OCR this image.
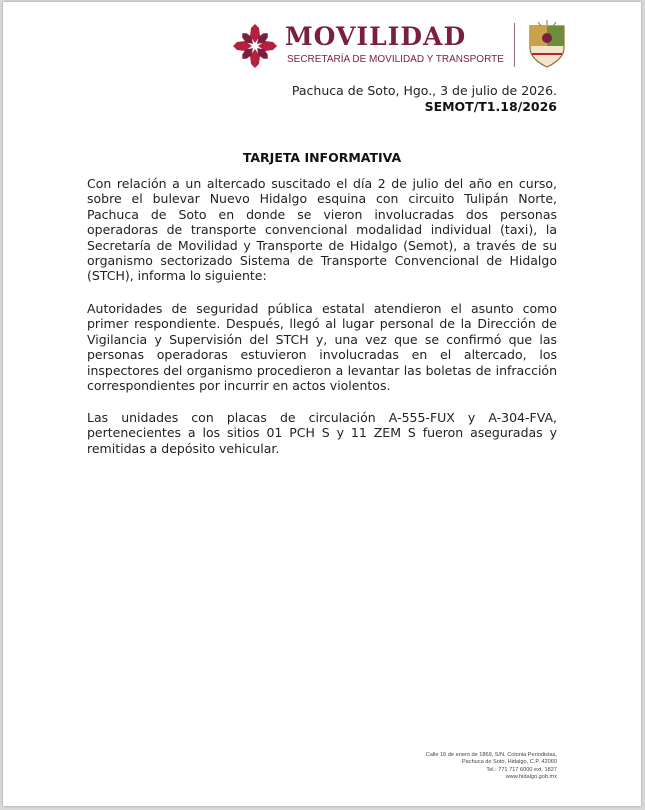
MOVILIDAD
SECRETARÍA DE MOVILIDAD Y TRANSPORTE
Pachuca de Soto, Hgo., 3 de julio de 2026.
SEMOT/T1.18/2026
TARJETA INFORMATIVA
Con relación a un altercado suscitado el día 2 de julio del año en curso, sobre el bulevar Nuevo Hidalgo esquina con circuito Tulipán Norte, Pachuca de Soto en donde se vieron involucradas dos personas operadoras de transporte convencional modalidad individual (taxi), la Secretaría de Movilidad y Transporte de Hidalgo (Semot), a través de su organismo sectorizado Sistema de Transporte Convencional de Hidalgo (STCH), informa lo siguiente:
Autoridades de seguridad pública estatal atendieron el asunto como primer respondiente. Después, llegó al lugar personal de la Dirección de Vigilancia y Supervisión del STCH y, una vez que se confirmó que las personas operadoras estuvieron involucradas en el altercado, los inspectores del organismo procedieron a levantar las boletas de infracción correspondientes por incurrir en actos violentos.
Las unidades con placas de circulación A-555-FUX y A-304-FVA, pertenecientes a los sitios 01 PCH S y 11 ZEM S fueron aseguradas y remitidas a depósito vehicular.
Calle 16 de enero de 1869, S/N. Colonia Periodistas,
Pachuca de Soto, Hidalgo, C.P. 42060
Tel.: 771 717 6000 ext. 1827
www.hidalgo.gob.mx
